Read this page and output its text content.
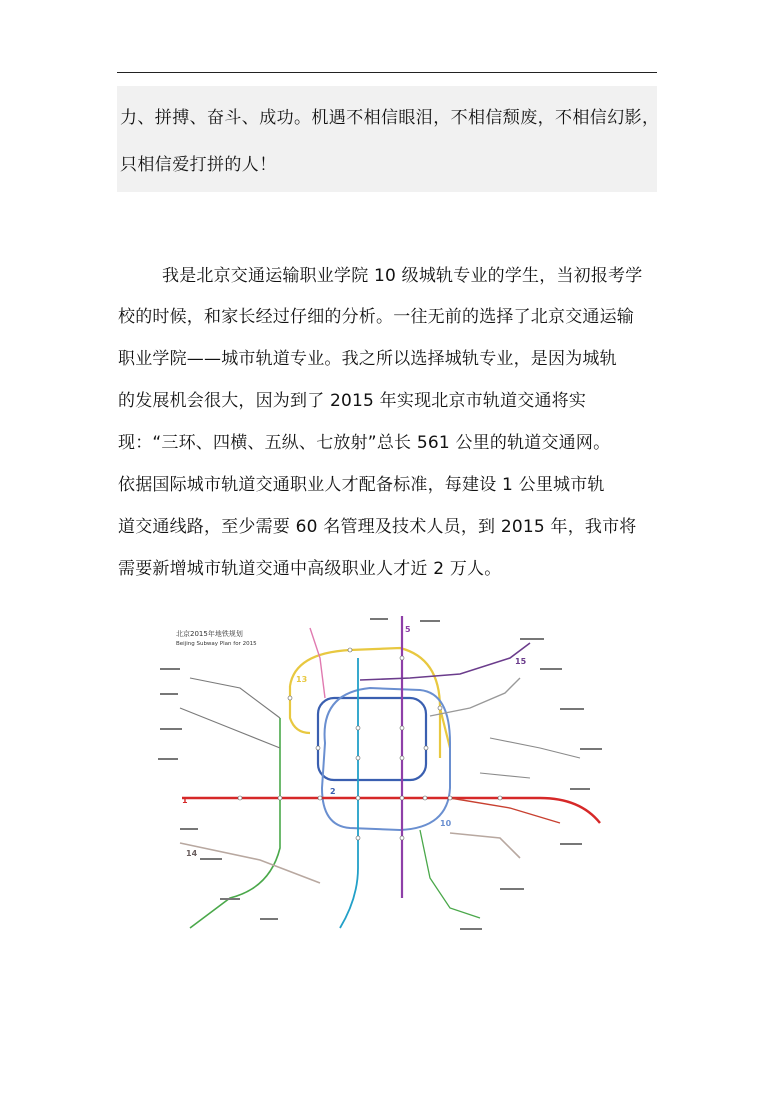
力、拼搏、奋斗、成功。机遇不相信眼泪，不相信颓废，不相信幻影，
只相信爱打拼的人！
我是北京交通运输职业学院 10 级城轨专业的学生，当初报考学
校的时候，和家长经过仔细的分析。一往无前的选择了北京交通运输
职业学院——城市轨道专业。我之所以选择城轨专业，是因为城轨
的发展机会很大，因为到了 2015 年实现北京市轨道交通将实
现：“三环、四横、五纵、七放射”总长 561 公里的轨道交通网。
依据国际城市轨道交通职业人才配备标准，每建设 1 公里城市轨
道交通线路，至少需要 60 名管理及技术人员，到 2015 年，我市将
需要新增城市轨道交通中高级职业人才近 2 万人。
北京2015年地铁规划
Beijing Subway Plan for 2015
1
2
5
10
13
14
15
